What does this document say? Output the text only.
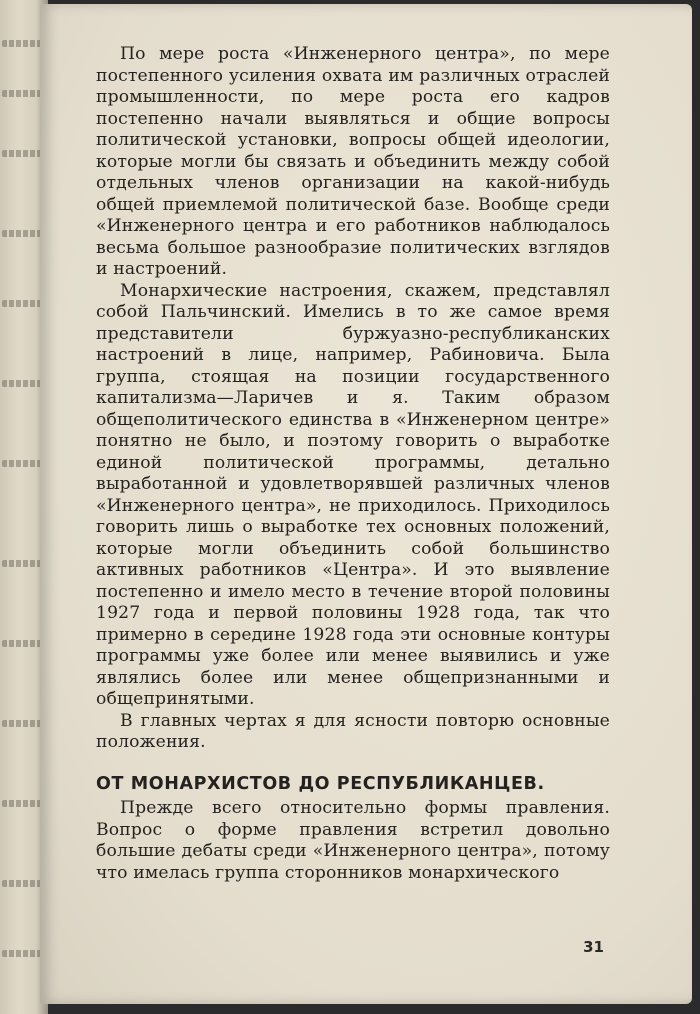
По мере роста «Инженерного центра», по мере постепенного усиления охвата им различных отраслей промышленности, по мере роста его кадров постепенно начали выявляться и общие вопросы политической установки, вопросы общей идеологии, которые могли бы связать и объединить между собой отдельных членов организации на какой-нибудь общей приемлемой политической базе. Вообще среди «Инженерного центра и его работников наблюдалось весьма большое разнообразие политических взглядов и настроений.

Монархические настроения, скажем, представлял собой Пальчинский. Имелись в то же самое время представители буржуазно-республиканских настроений в лице, например, Рабиновича. Была группа, стоящая на позиции государственного капитализма—Ларичев и я. Таким образом общеполитического единства в «Инженерном центре» понятно не было, и поэтому говорить о выработке единой политической программы, детально выработанной и удовлетворявшей различных членов «Инженерного центра», не приходилось. Приходилось говорить лишь о выработке тех основных положений, которые могли объединить собой большинство активных работников «Центра». И это выявление постепенно и имело место в течение второй половины 1927 года и первой половины 1928 года, так что примерно в середине 1928 года эти основные контуры программы уже более или менее выявились и уже являлись более или менее общепризнанными и общепринятыми.

В главных чертах я для ясности повторю основные положения.

ОТ МОНАРХИСТОВ ДО РЕСПУБЛИКАНЦЕВ.

Прежде всего относительно формы правления. Вопрос о форме правления встретил довольно большие дебаты среди «Инженерного центра», потому что имелась группа сторонников монархического

31
